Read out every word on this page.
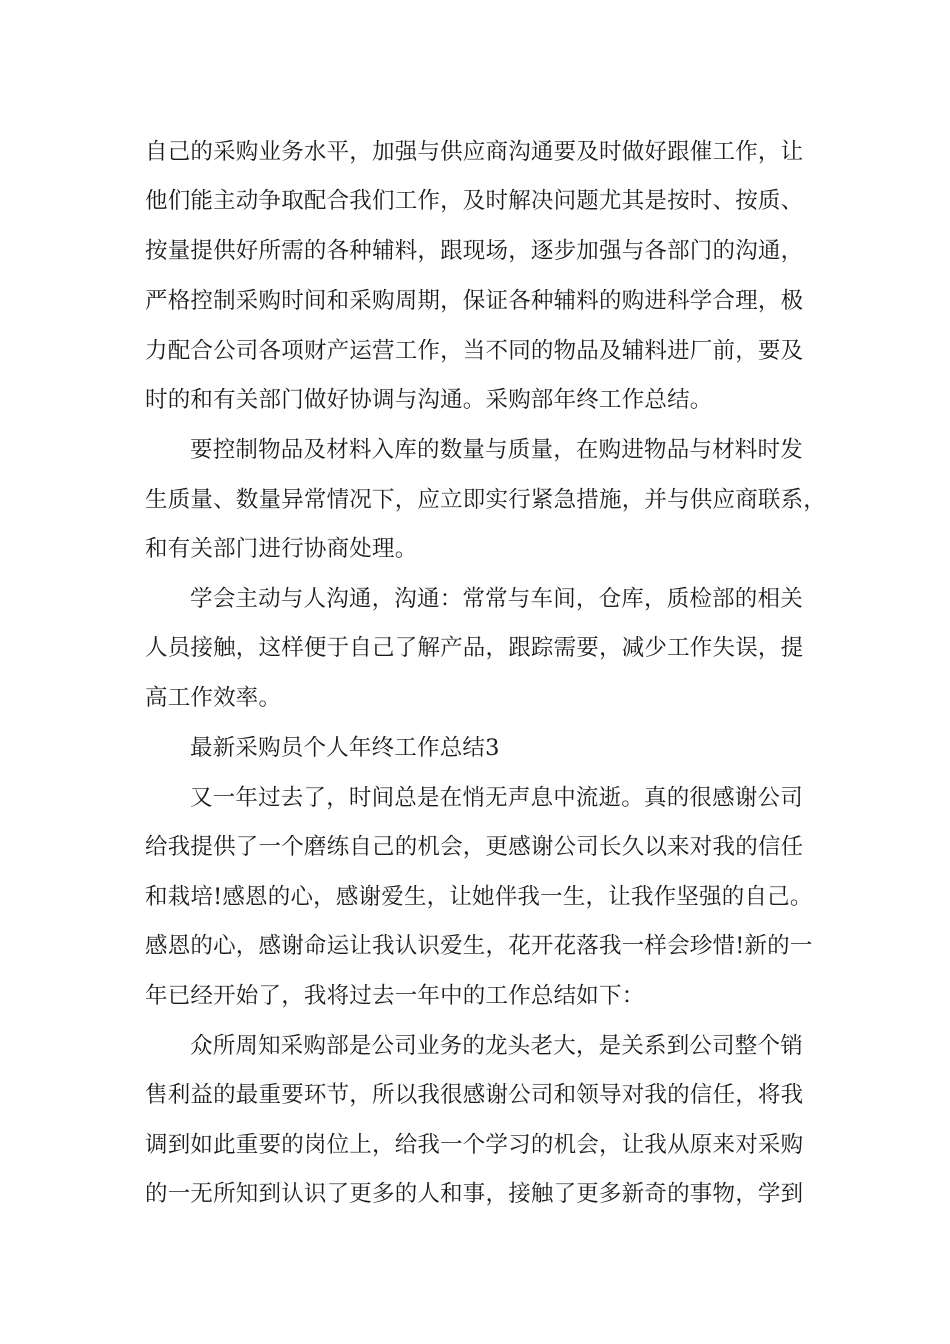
自己的采购业务水平，加强与供应商沟通要及时做好跟催工作，让
他们能主动争取配合我们工作，及时解决问题尤其是按时、按质、
按量提供好所需的各种辅料，跟现场，逐步加强与各部门的沟通，
严格控制采购时间和采购周期，保证各种辅料的购进科学合理，极
力配合公司各项财产运营工作，当不同的物品及辅料进厂前，要及
时的和有关部门做好协调与沟通。采购部年终工作总结。
要控制物品及材料入库的数量与质量，在购进物品与材料时发
生质量、数量异常情况下，应立即实行紧急措施，并与供应商联系，
和有关部门进行协商处理。
学会主动与人沟通，沟通：常常与车间，仓库，质检部的相关
人员接触，这样便于自己了解产品，跟踪需要，减少工作失误，提
高工作效率。
最新采购员个人年终工作总结3
又一年过去了，时间总是在悄无声息中流逝。真的很感谢公司
给我提供了一个磨练自己的机会，更感谢公司长久以来对我的信任
和栽培!感恩的心，感谢爱生，让她伴我一生，让我作坚强的自己。
感恩的心，感谢命运让我认识爱生，花开花落我一样会珍惜!新的一
年已经开始了，我将过去一年中的工作总结如下：
众所周知采购部是公司业务的龙头老大，是关系到公司整个销
售利益的最重要环节，所以我很感谢公司和领导对我的信任，将我
调到如此重要的岗位上，给我一个学习的机会，让我从原来对采购
的一无所知到认识了更多的人和事，接触了更多新奇的事物，学到
